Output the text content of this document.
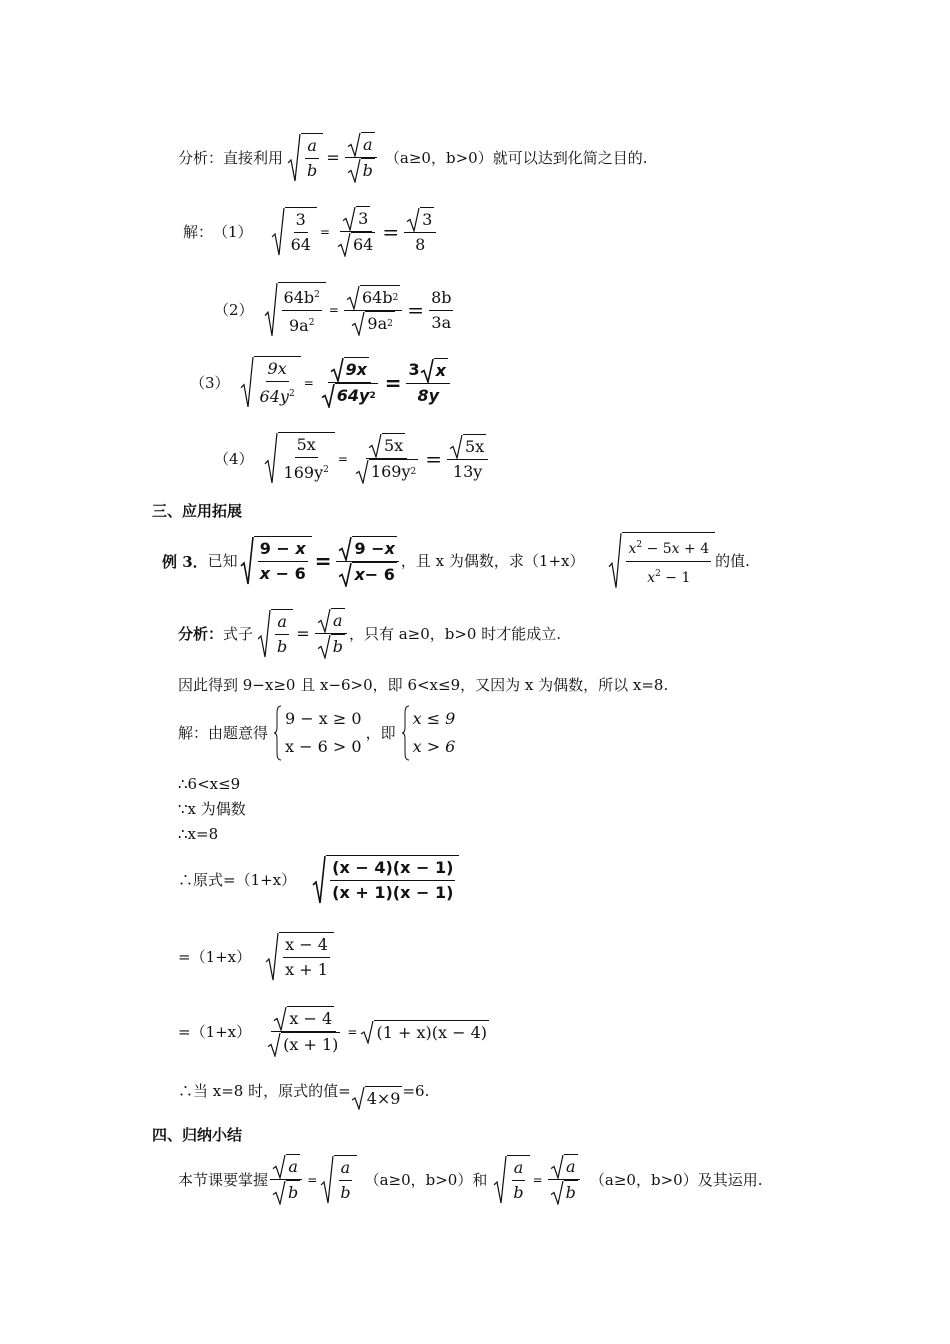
分析：直接利用 $\frac{a}{b} = \frac{a}{b} (a\ge 0$，b>0） 就可以达到化简之目的.
解： $(1) \frac{3}{64} = \frac{3}{64} = \frac{3}{8}$
$(2) \frac{64b^2}{9a^2} = \frac{64b 2}{9a 2} = \frac{8b}{3a}$
$(3) \frac{9x}{64y^2} = \frac{9x}{64y 2} = \frac{3 x}{8y}$
$(4) \frac{5x}{169y^2} = \frac{5x}{169y 2} = \frac{5x}{13y}$
三、应用拓展
例 3． 已知 $\frac{9 - x}{x - 6} = \frac{9 - x}{x - 6}$ ，且 x 为偶数，求（1+x）	$\frac{x^2 - 5x + 4}{x^2 - 1}$ 的值.
分析： 式子 $\frac{a}{b} = \frac{a}{b}$ ，只有 a≥0，b>0 时才能成立.
因此得到 9−x≥0 且 x−6>0，即 6<x≤9，又因为 x 为偶数，所以 x=8.
解：由题意得
9 − x ≥ 0
x − 6 > 0
，即
x ≤ 9
x > 6
∴6<x≤9
∵x 为偶数
∴x=8
∴原式$=(1+x) \frac{(x - 4)(x - 1)}{(x + 1)(x - 1)}$
$=(1+x) \frac{x - 4}{x + 1}$
$=(1+x) \frac{x - 4}{(x + 1)} = (1 + x)(x - 4)$
∴当 x=8 时，原式的值= 4×9 =6.
四、归纳小结
本节课要掌握 $\frac{a}{b} = \frac{a}{b} (a\ge 0$，b>0）和 $\frac{a}{b} = \frac{a}{b} (a\ge 0$，b>0）及其运用.
